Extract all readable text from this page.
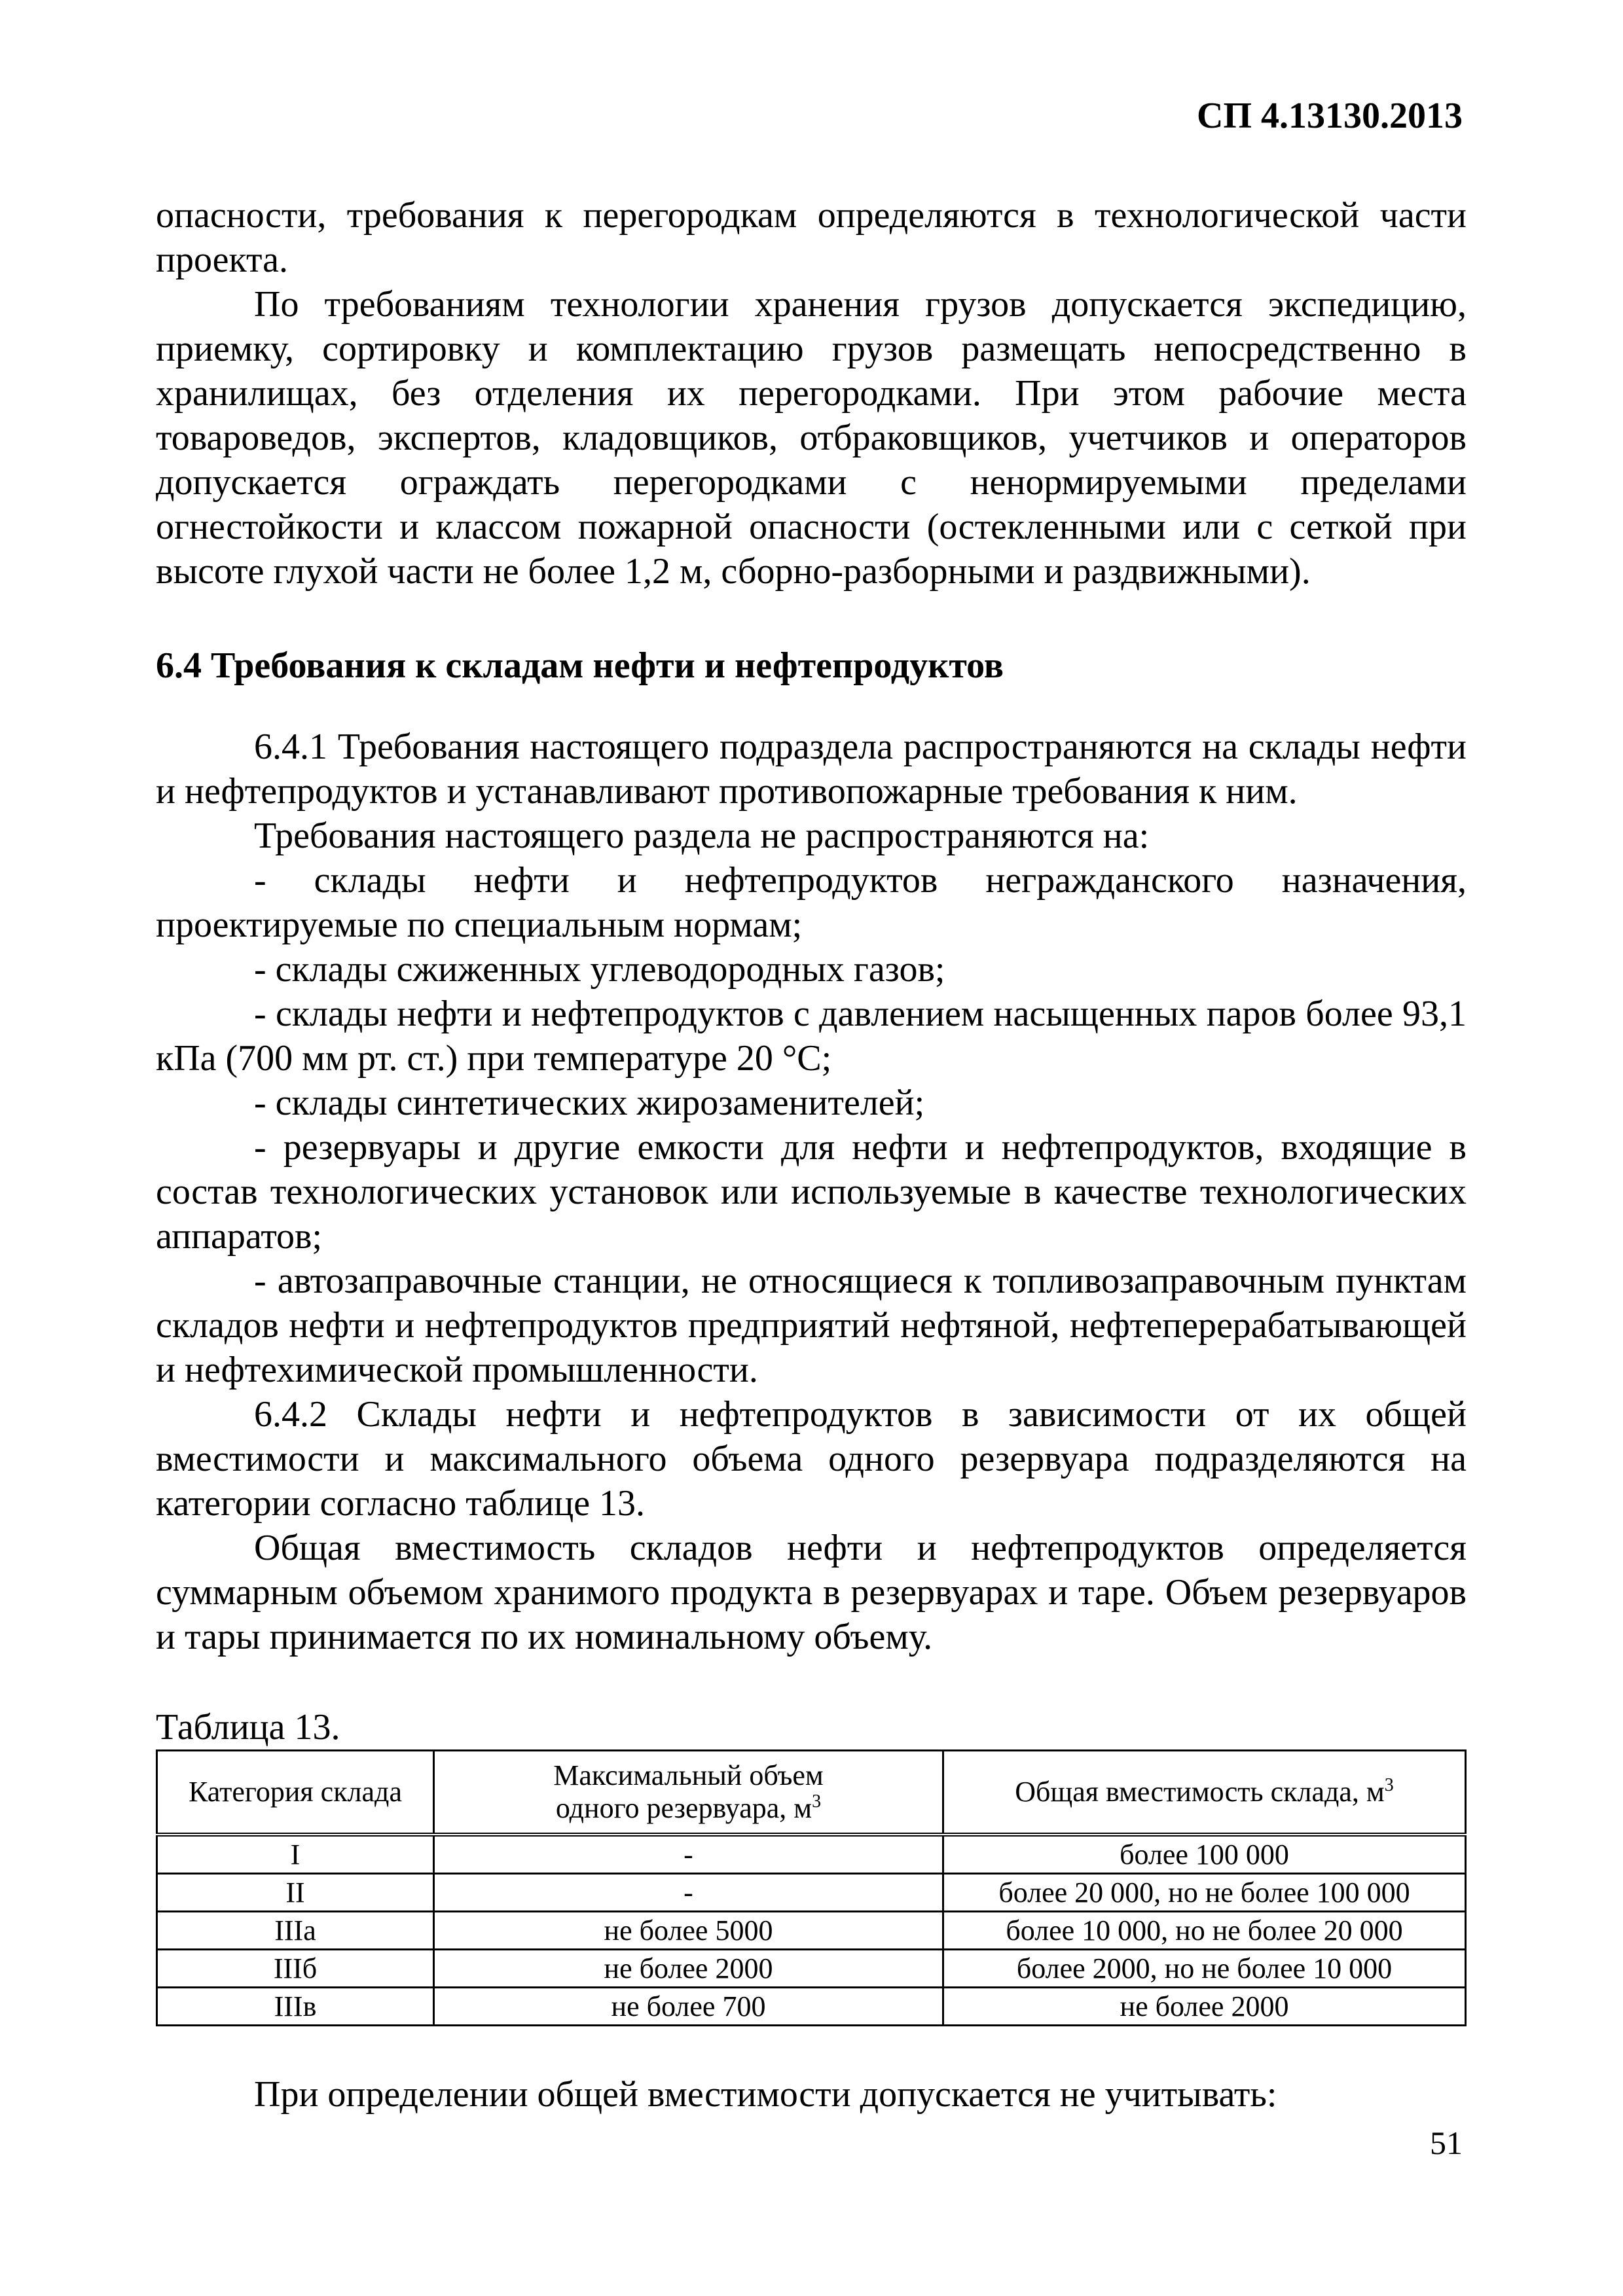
СП 4.13130.2013

опасности, требования к перегородкам определяются в технологической части проекта.

По требованиям технологии хранения грузов допускается экспедицию, приемку, сортировку и комплектацию грузов размещать непосредственно в хранилищах, без отделения их перегородками. При этом рабочие места товароведов, экспертов, кладовщиков, отбраковщиков, учетчиков и операторов допускается ограждать перегородками с ненормируемыми пределами огнестойкости и классом пожарной опасности (остекленными или с сеткой при высоте глухой части не более 1,2 м, сборно-разборными и раздвижными).

6.4 Требования к складам нефти и нефтепродуктов

6.4.1 Требования настоящего подраздела распространяются на склады нефти и нефтепродуктов и устанавливают противопожарные требования к ним.

Требования настоящего раздела не распространяются на:

- склады нефти и нефтепродуктов негражданского назначения, проектируемые по специальным нормам;

- склады сжиженных углеводородных газов;

- склады нефти и нефтепродуктов с давлением насыщенных паров более 93,1 кПа (700 мм рт. ст.) при температуре 20 °С;

- склады синтетических жирозаменителей;

- резервуары и другие емкости для нефти и нефтепродуктов, входящие в состав технологических установок или используемые в качестве технологических аппаратов;

- автозаправочные станции, не относящиеся к топливозаправочным пунктам складов нефти и нефтепродуктов предприятий нефтяной, нефтеперерабатывающей и нефтехимической промышленности.

6.4.2 Склады нефти и нефтепродуктов в зависимости от их общей вместимости и максимального объема одного резервуара подразделяются на категории согласно таблице 13.

Общая вместимость складов нефти и нефтепродуктов определяется суммарным объемом хранимого продукта в резервуарах и таре. Объем резервуаров и тары принимается по их номинальному объему.

Таблица 13.

Категория склада	Максимальный объем
одного резервуара, $м^3$	Общая вместимость склада, $м^3$
I	-	более 100 000
II	-	более 20 000, но не более 100 000
IIIа	не более 5000	более 10 000, но не более 20 000
IIIб	не более 2000	более 2000, но не более 10 000
IIIв	не более 700	не более 2000

При определении общей вместимости допускается не учитывать:

51
